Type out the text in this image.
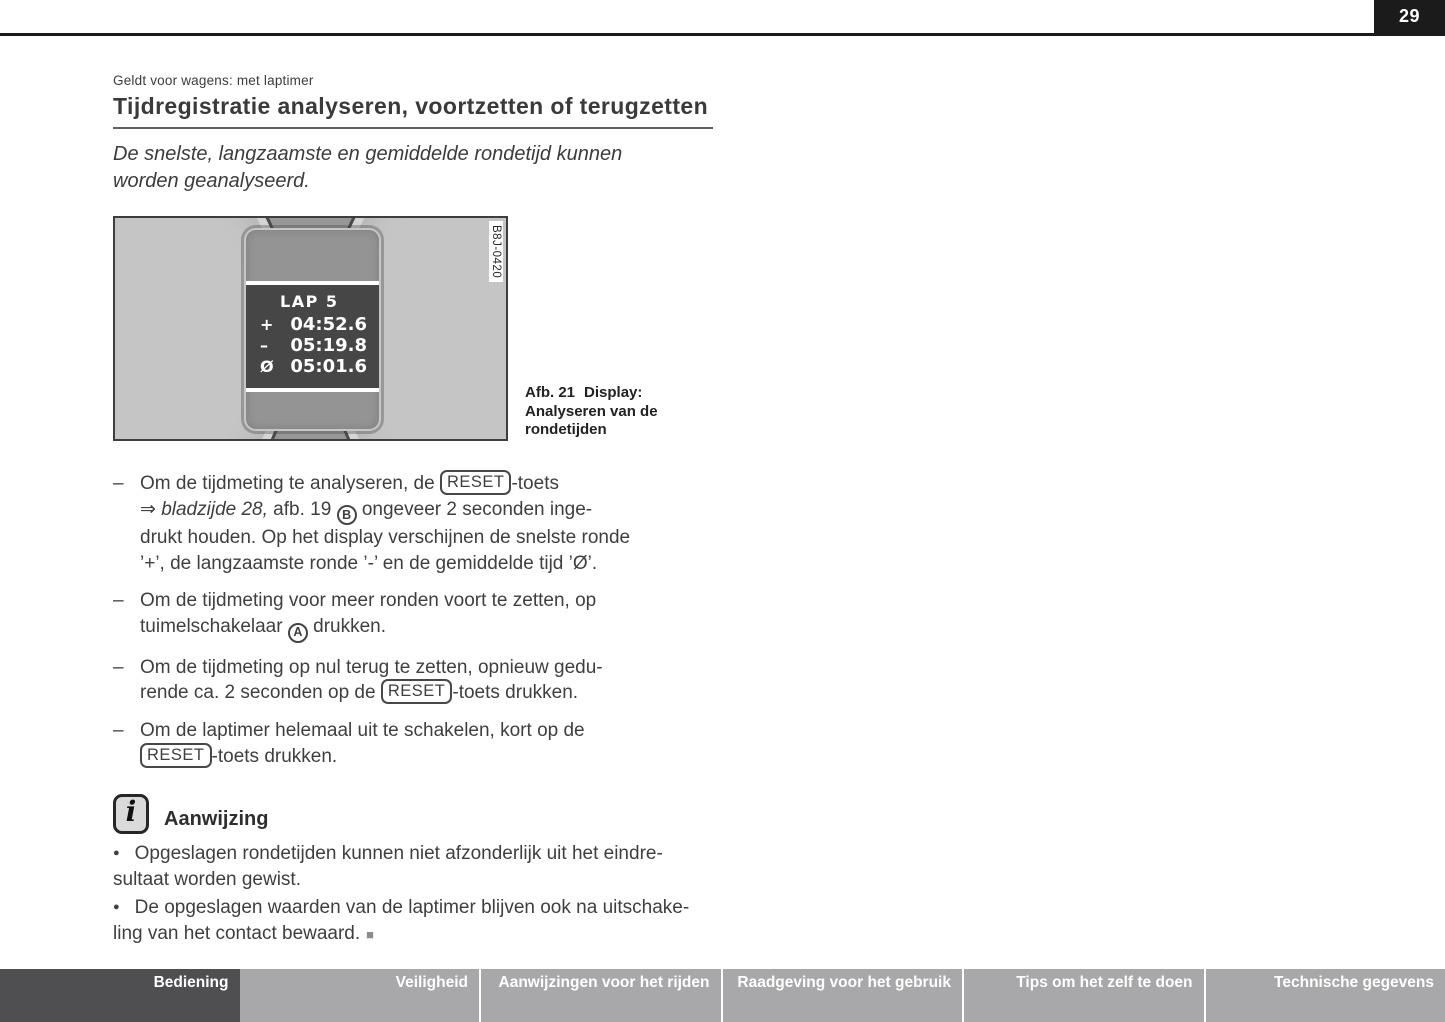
29
Geldt voor wagens: met laptimer
Tijdregistratie analyseren, voortzetten of terugzetten
De snelste, langzaamste en gemiddelde rondetijd kunnen
worden geanalyseerd.
LAP 5
+ 04:52.6
– 05:19.8
Ø 05:01.6
B8J-0420
Afb. 21 Display: Analyseren van de rondetijden
– Om de tijdmeting te analyseren, de RESET -toets
⇒ bladzijde 28, afb. 19 B ongeveer 2 seconden inge-
drukt houden. Op het display verschijnen de snelste ronde
’+’, de langzaamste ronde ’-’ en de gemiddelde tijd ’Ø’.
– Om de tijdmeting voor meer ronden voort te zetten, op
tuimelschakelaar A drukken.
– Om de tijdmeting op nul terug te zetten, opnieuw gedu-
rende ca. 2 seconden op de RESET -toets drukken.
– Om de laptimer helemaal uit te schakelen, kort op de
RESET -toets drukken.
i Aanwijzing
● Opgeslagen rondetijden kunnen niet afzonderlijk uit het eindre-
sultaat worden gewist.
● De opgeslagen waarden van de laptimer blijven ook na uitschake-
ling van het contact bewaard. ■
Bediening	Veiligheid	Aanwijzingen voor het rijden	Raadgeving voor het gebruik	Tips om het zelf te doen	Technische gegevens
